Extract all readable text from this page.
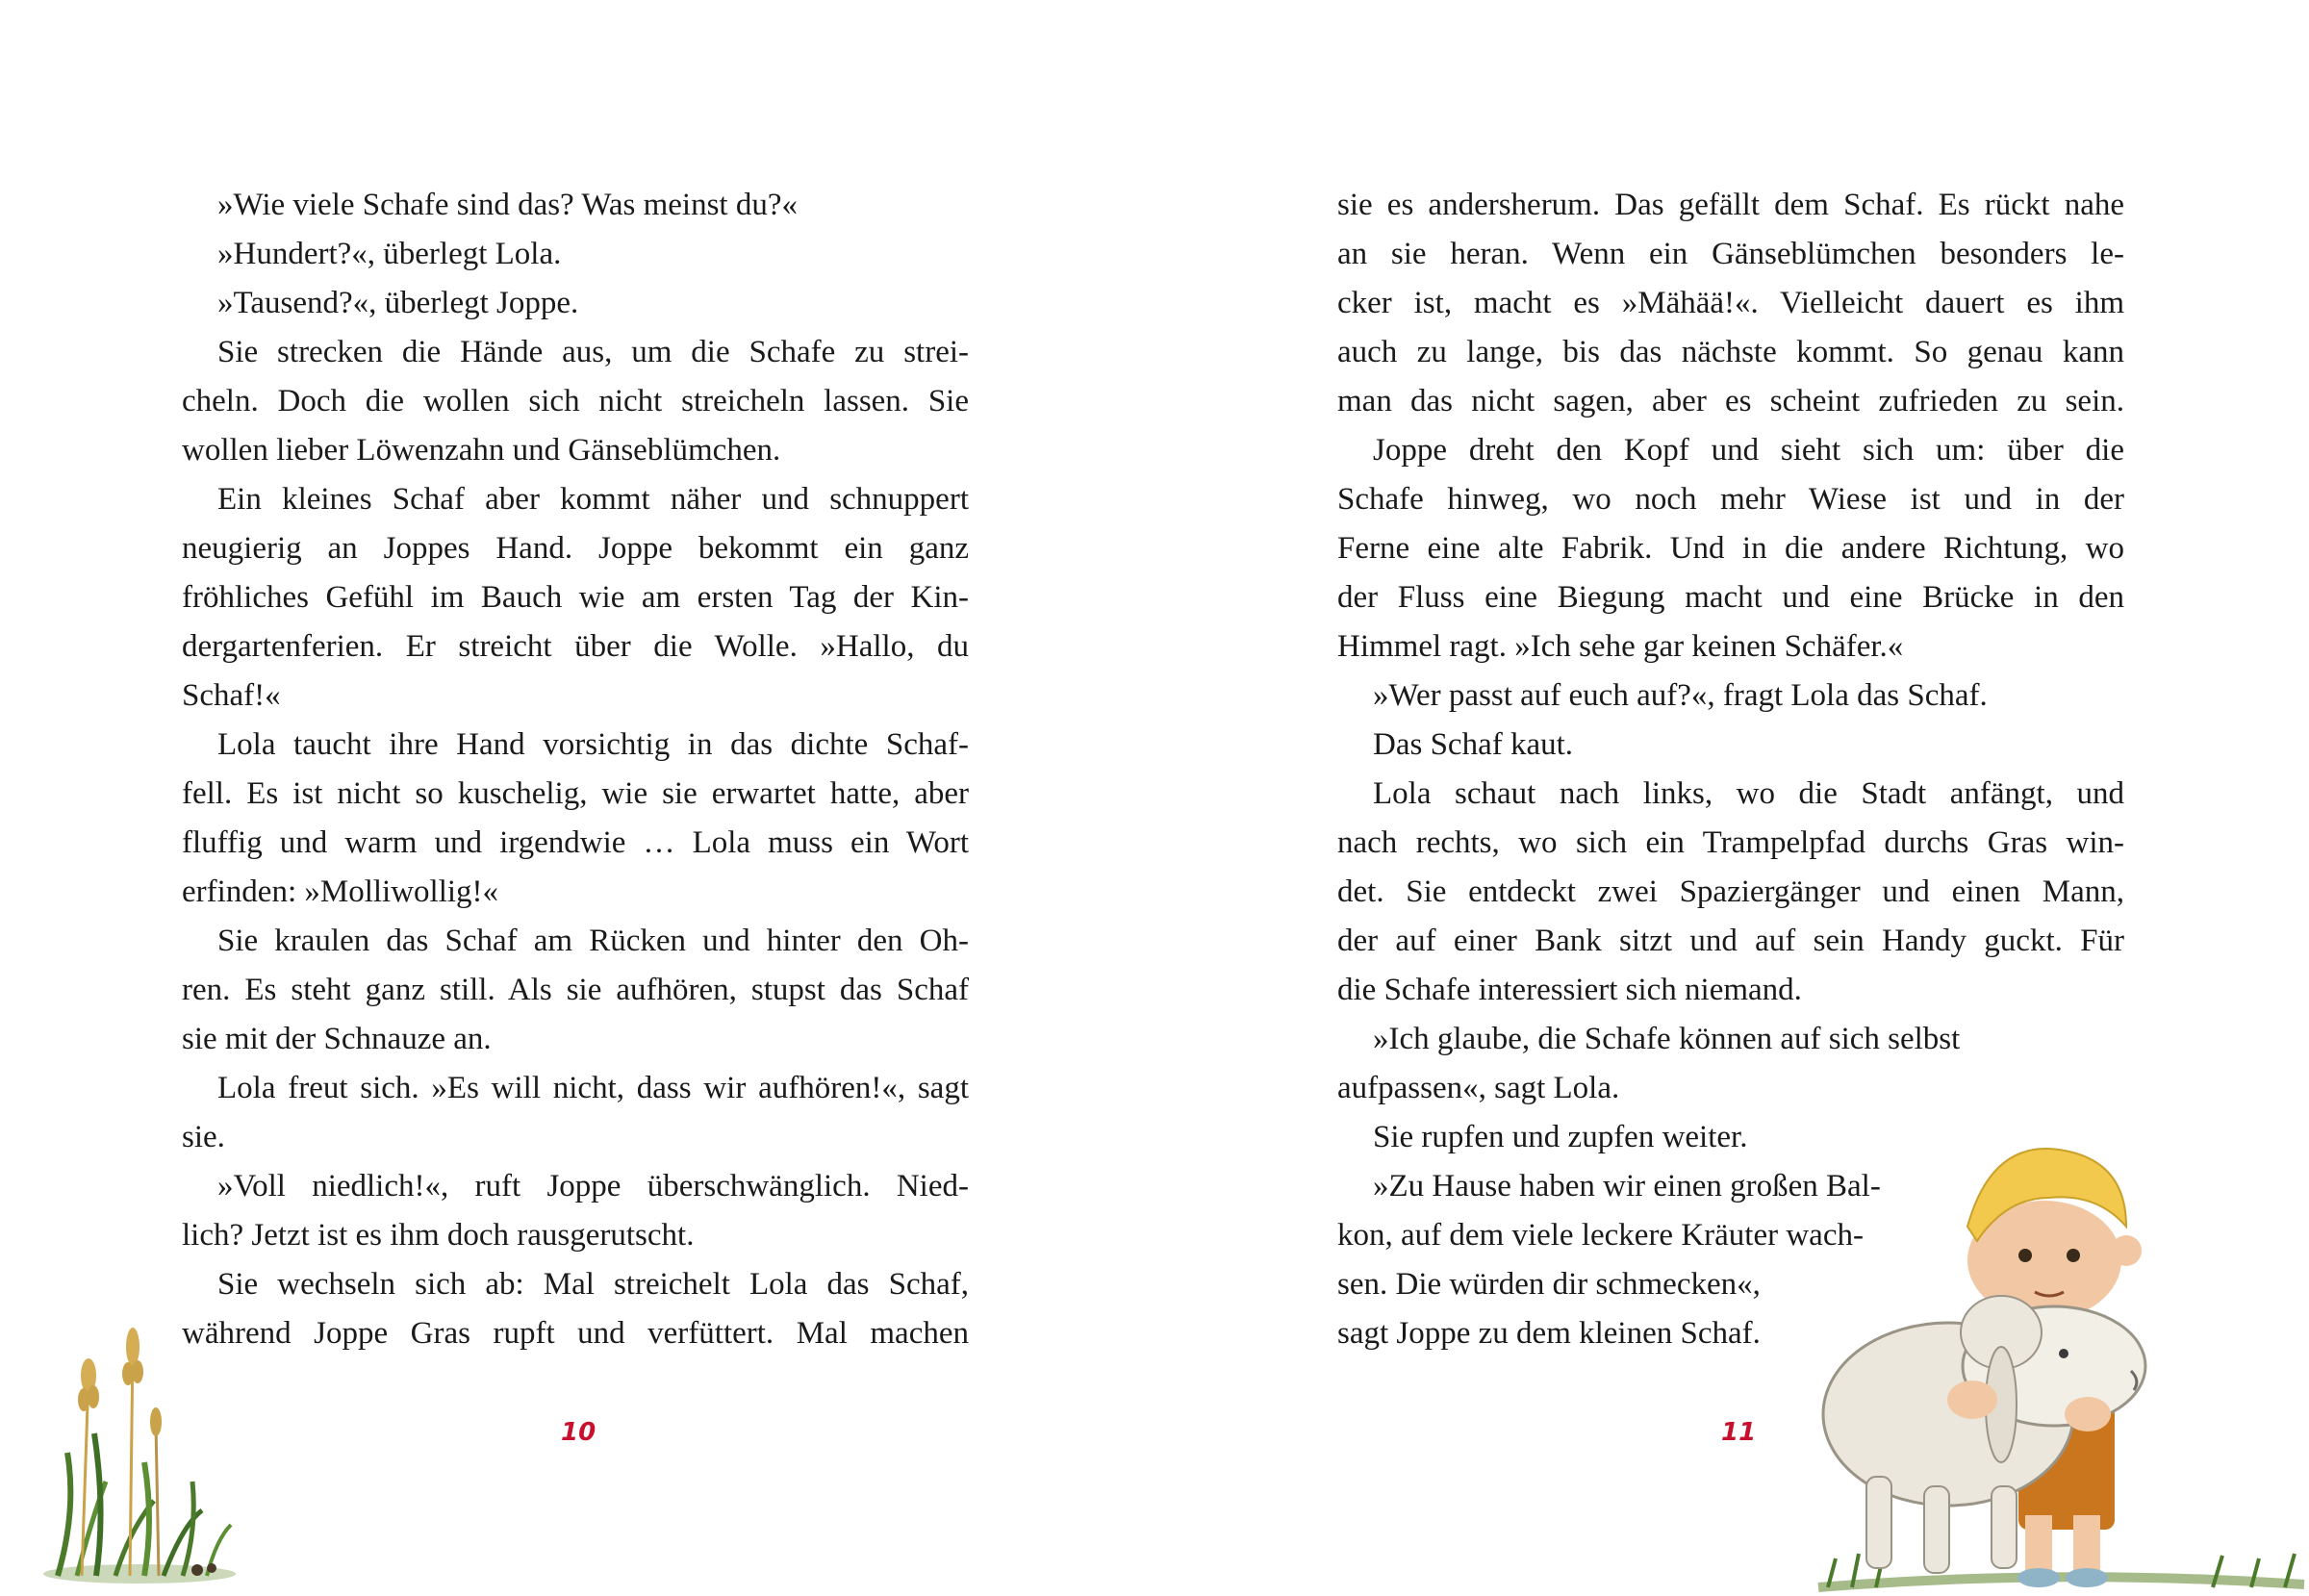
»Wie viele Schafe sind das? Was meinst du?«
»Hundert?«, überlegt Lola.
»Tausend?«, überlegt Joppe.
Sie strecken die Hände aus, um die Schafe zu strei-
cheln. Doch die wollen sich nicht streicheln lassen. Sie
wollen lieber Löwenzahn und Gänseblümchen.
Ein kleines Schaf aber kommt näher und schnuppert
neugierig an Joppes Hand. Joppe bekommt ein ganz
fröhliches Gefühl im Bauch wie am ersten Tag der Kin-
dergartenferien. Er streicht über die Wolle. »Hallo, du
Schaf!«
Lola taucht ihre Hand vorsichtig in das dichte Schaf-
fell. Es ist nicht so kuschelig, wie sie erwartet hatte, aber
fluffig und warm und irgendwie … Lola muss ein Wort
erfinden: »Molliwollig!«
Sie kraulen das Schaf am Rücken und hinter den Oh-
ren. Es steht ganz still. Als sie aufhören, stupst das Schaf
sie mit der Schnauze an.
Lola freut sich. »Es will nicht, dass wir aufhören!«, sagt
sie.
»Voll niedlich!«, ruft Joppe überschwänglich. Nied-
lich? Jetzt ist es ihm doch rausgerutscht.
Sie wechseln sich ab: Mal streichelt Lola das Schaf,
während Joppe Gras rupft und verfüttert. Mal machen
10
sie es andersherum. Das gefällt dem Schaf. Es rückt nahe
an sie heran. Wenn ein Gänseblümchen besonders le-
cker ist, macht es »Mähää!«. Vielleicht dauert es ihm
auch zu lange, bis das nächste kommt. So genau kann
man das nicht sagen, aber es scheint zufrieden zu sein.
Joppe dreht den Kopf und sieht sich um: über die
Schafe hinweg, wo noch mehr Wiese ist und in der
Ferne eine alte Fabrik. Und in die andere Richtung, wo
der Fluss eine Biegung macht und eine Brücke in den
Himmel ragt. »Ich sehe gar keinen Schäfer.«
»Wer passt auf euch auf?«, fragt Lola das Schaf.
Das Schaf kaut.
Lola schaut nach links, wo die Stadt anfängt, und
nach rechts, wo sich ein Trampelpfad durchs Gras win-
det. Sie entdeckt zwei Spaziergänger und einen Mann,
der auf einer Bank sitzt und auf sein Handy guckt. Für
die Schafe interessiert sich niemand.
»Ich glaube, die Schafe können auf sich selbst
aufpassen«, sagt Lola.
Sie rupfen und zupfen weiter.
»Zu Hause haben wir einen großen Bal-
kon, auf dem viele leckere Kräuter wach-
sen. Die würden dir schmecken«,
sagt Joppe zu dem kleinen Schaf.
11
